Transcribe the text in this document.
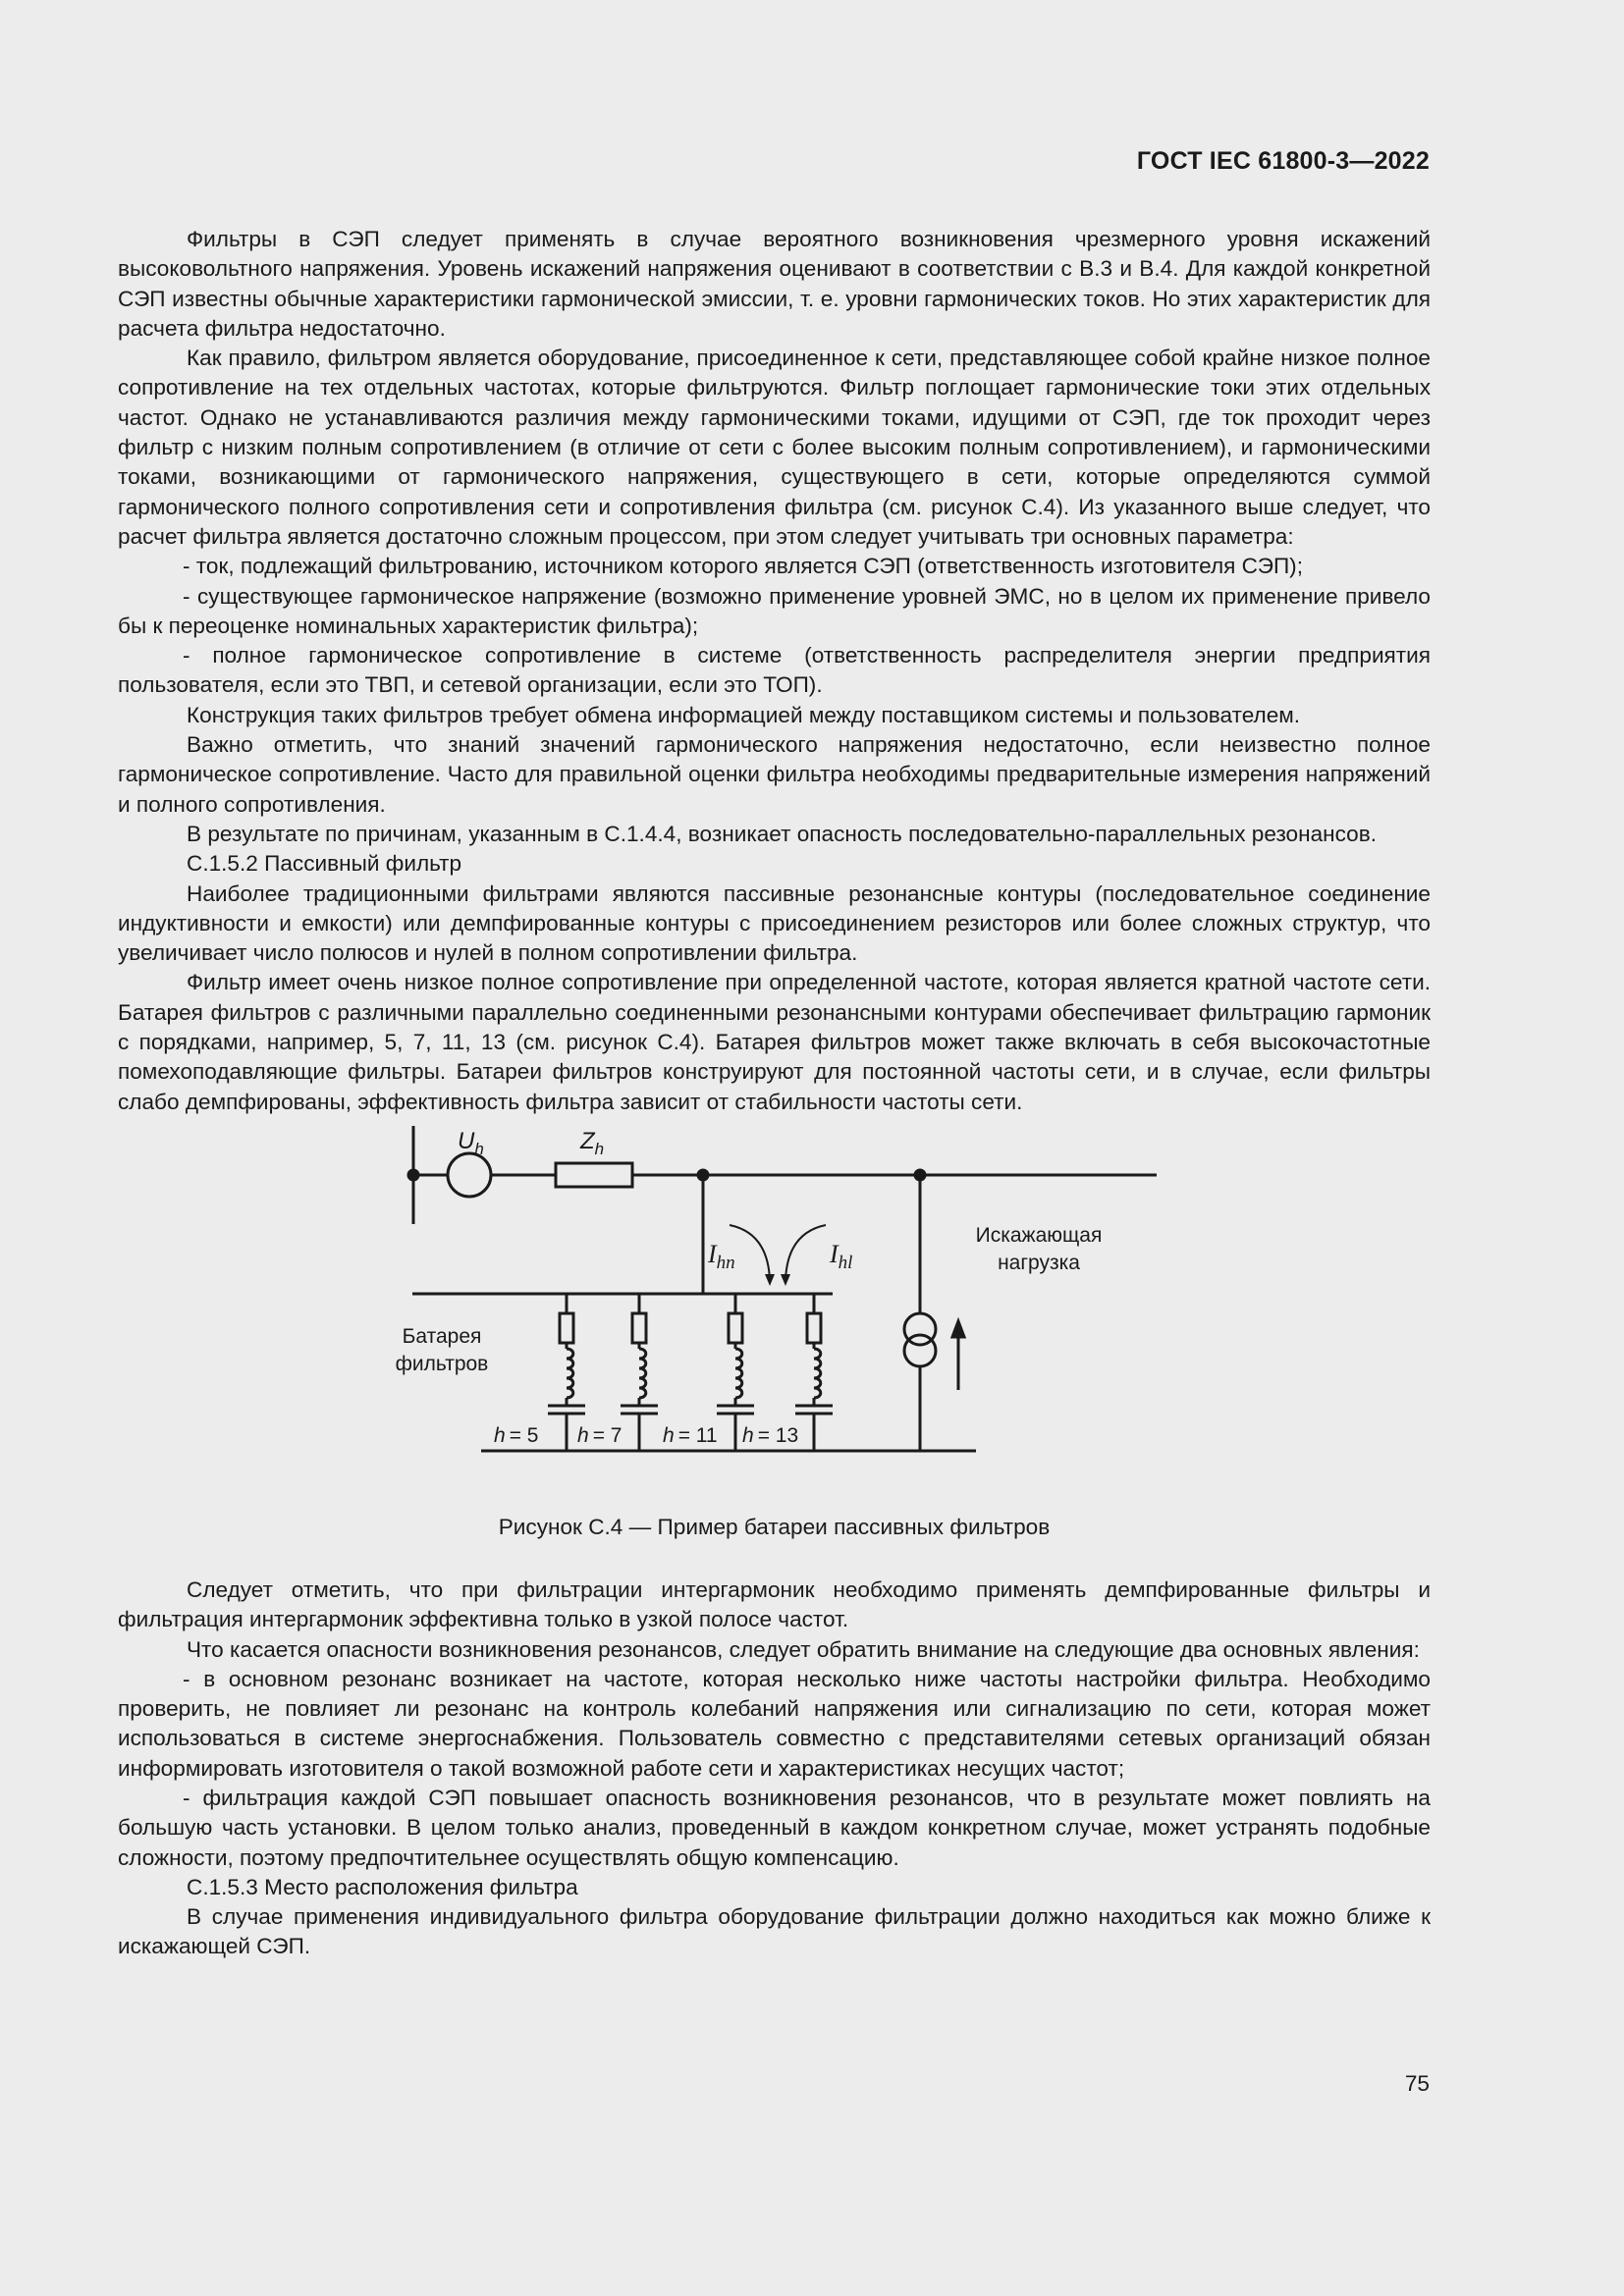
ГОСТ IEC 61800-3—2022

Фильтры в СЭП следует применять в случае вероятного возникновения чрезмерного уровня искажений высоковольтного напряжения. Уровень искажений напряжения оценивают в соответствии с B.3 и B.4. Для каждой конкретной СЭП известны обычные характеристики гармонической эмиссии, т. е. уровни гармонических токов. Но этих характеристик для расчета фильтра недостаточно.

Как правило, фильтром является оборудование, присоединенное к сети, представляющее собой крайне низкое полное сопротивление на тех отдельных частотах, которые фильтруются. Фильтр поглощает гармонические токи этих отдельных частот. Однако не устанавливаются различия между гармоническими токами, идущими от СЭП, где ток проходит через фильтр с низким полным сопротивлением (в отличие от сети с более высоким полным сопротивлением), и гармоническими токами, возникающими от гармонического напряжения, существующего в сети, которые определяются суммой гармонического полного сопротивления сети и сопротивления фильтра (см. рисунок С.4). Из указанного выше следует, что расчет фильтра является достаточно сложным процессом, при этом следует учитывать три основных параметра:

- ток, подлежащий фильтрованию, источником которого является СЭП (ответственность изготовителя СЭП);

- существующее гармоническое напряжение (возможно применение уровней ЭМС, но в целом их применение привело бы к переоценке номинальных характеристик фильтра);

- полное гармоническое сопротивление в системе (ответственность распределителя энергии предприятия пользователя, если это ТВП, и сетевой организации, если это ТОП).

Конструкция таких фильтров требует обмена информацией между поставщиком системы и пользователем.

Важно отметить, что знаний значений гармонического напряжения недостаточно, если неизвестно полное гармоническое сопротивление. Часто для правильной оценки фильтра необходимы предварительные измерения напряжений и полного сопротивления.

В результате по причинам, указанным в С.1.4.4, возникает опасность последовательно-параллельных резонансов.

С.1.5.2 Пассивный фильтр

Наиболее традиционными фильтрами являются пассивные резонансные контуры (последовательное соединение индуктивности и емкости) или демпфированные контуры с присоединением резисторов или более сложных структур, что увеличивает число полюсов и нулей в полном сопротивлении фильтра.

Фильтр имеет очень низкое полное сопротивление при определенной частоте, которая является кратной частоте сети. Батарея фильтров с различными параллельно соединенными резонансными контурами обеспечивает фильтрацию гармоник с порядками, например, 5, 7, 11, 13 (см. рисунок С.4). Батарея фильтров может также включать в себя высокочастотные помехоподавляющие фильтры. Батареи фильтров конструируют для постоянной частоты сети, и в случае, если фильтры слабо демпфированы, эффективность фильтра зависит от стабильности частоты сети.

$U_h$	$Z_h$
$I_{hn}$	$I_{hl}$
Искажающая
нагрузка
Батарея
фильтров
h = 5 h = 7 h = 11 h = 13

Рисунок С.4 — Пример батареи пассивных фильтров

Следует отметить, что при фильтрации интергармоник необходимо применять демпфированные фильтры и фильтрация интергармоник эффективна только в узкой полосе частот.

Что касается опасности возникновения резонансов, следует обратить внимание на следующие два основных явления:

- в основном резонанс возникает на частоте, которая несколько ниже частоты настройки фильтра. Необходимо проверить, не повлияет ли резонанс на контроль колебаний напряжения или сигнализацию по сети, которая может использоваться в системе энергоснабжения. Пользователь совместно с представителями сетевых организаций обязан информировать изготовителя о такой возможной работе сети и характеристиках несущих частот;

- фильтрация каждой СЭП повышает опасность возникновения резонансов, что в результате может повлиять на большую часть установки. В целом только анализ, проведенный в каждом конкретном случае, может устранять подобные сложности, поэтому предпочтительнее осуществлять общую компенсацию.

С.1.5.3 Место расположения фильтра

В случае применения индивидуального фильтра оборудование фильтрации должно находиться как можно ближе к искажающей СЭП.

75
